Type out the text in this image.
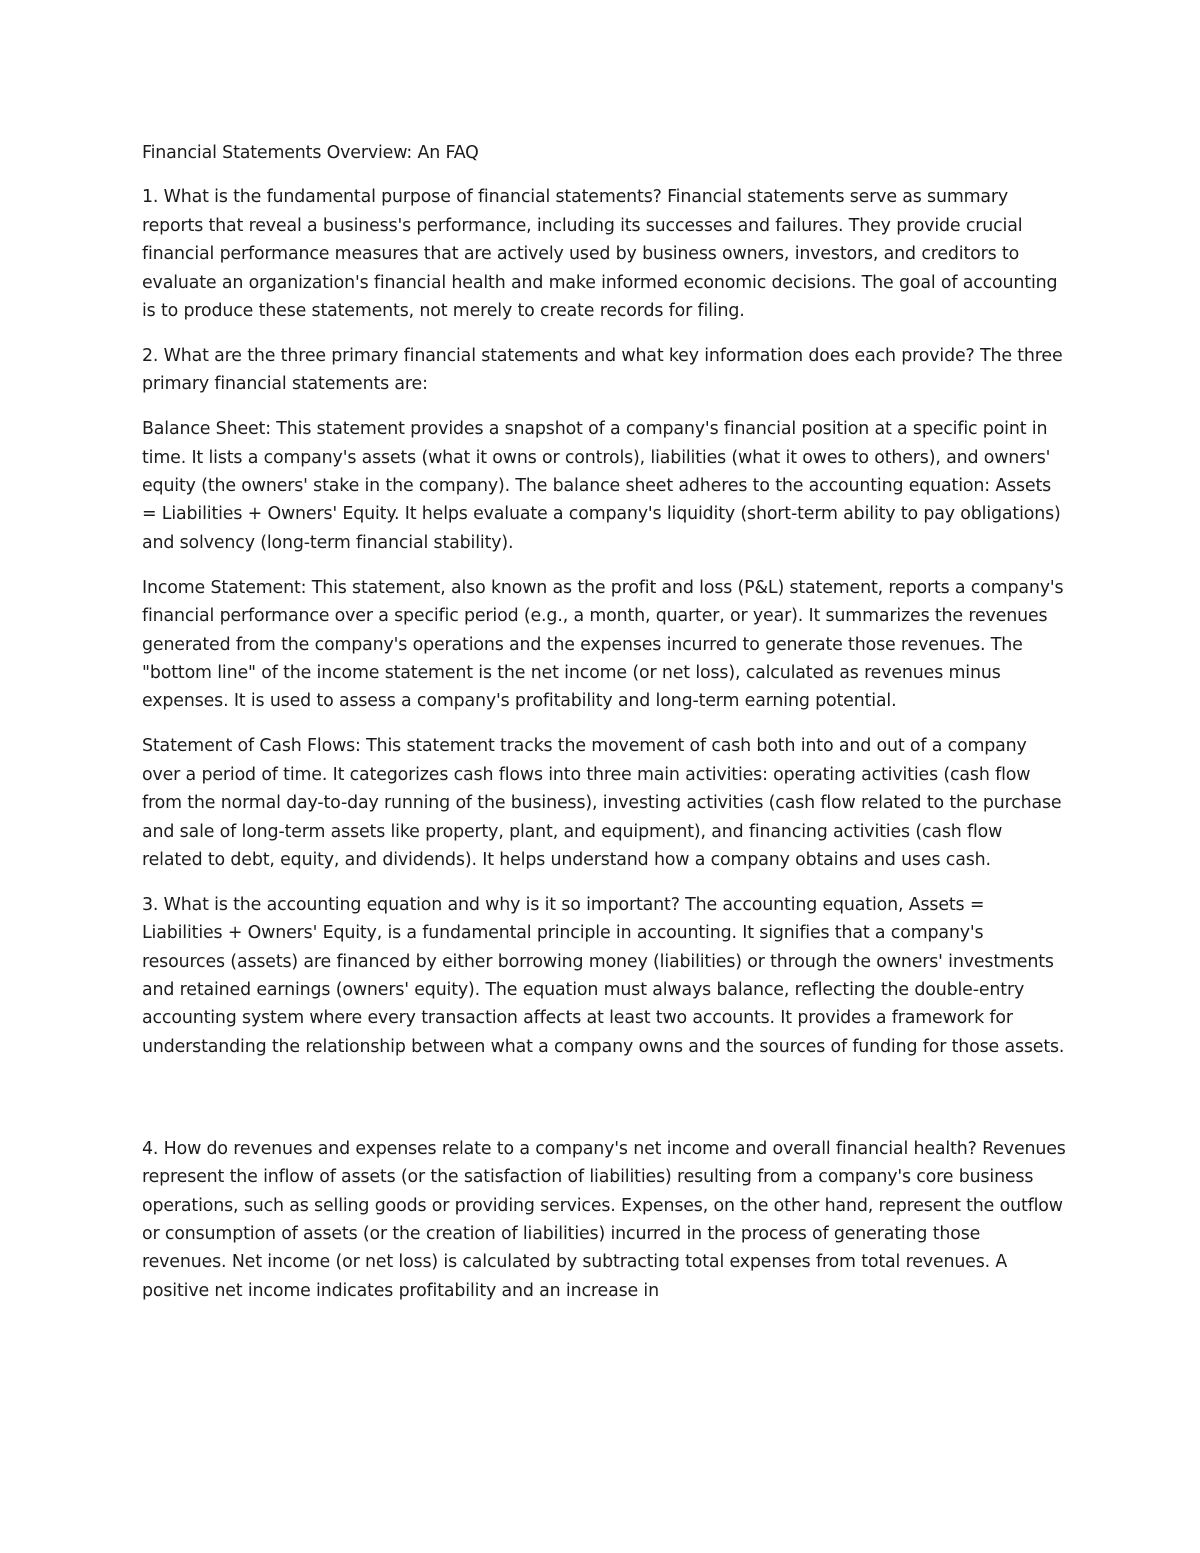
Financial Statements Overview: An FAQ

1. What is the fundamental purpose of financial statements? Financial statements serve as summary reports that reveal a business's performance, including its successes and failures. They provide crucial financial performance measures that are actively used by business owners, investors, and creditors to evaluate an organization's financial health and make informed economic decisions. The goal of accounting is to produce these statements, not merely to create records for filing.

2. What are the three primary financial statements and what key information does each provide? The three primary financial statements are:

Balance Sheet: This statement provides a snapshot of a company's financial position at a specific point in time. It lists a company's assets (what it owns or controls), liabilities (what it owes to others), and owners' equity (the owners' stake in the company). The balance sheet adheres to the accounting equation: Assets = Liabilities + Owners' Equity. It helps evaluate a company's liquidity (short-term ability to pay obligations) and solvency (long-term financial stability).

Income Statement: This statement, also known as the profit and loss (P&L) statement, reports a company's financial performance over a specific period (e.g., a month, quarter, or year). It summarizes the revenues generated from the company's operations and the expenses incurred to generate those revenues. The "bottom line" of the income statement is the net income (or net loss), calculated as revenues minus expenses. It is used to assess a company's profitability and long-term earning potential.

Statement of Cash Flows: This statement tracks the movement of cash both into and out of a company over a period of time. It categorizes cash flows into three main activities: operating activities (cash flow from the normal day-to-day running of the business), investing activities (cash flow related to the purchase and sale of long-term assets like property, plant, and equipment), and financing activities (cash flow related to debt, equity, and dividends). It helps understand how a company obtains and uses cash.

3. What is the accounting equation and why is it so important? The accounting equation, Assets = Liabilities + Owners' Equity, is a fundamental principle in accounting. It signifies that a company's resources (assets) are financed by either borrowing money (liabilities) or through the owners' investments and retained earnings (owners' equity). The equation must always balance, reflecting the double-entry accounting system where every transaction affects at least two accounts. It provides a framework for understanding the relationship between what a company owns and the sources of funding for those assets.

4. How do revenues and expenses relate to a company's net income and overall financial health? Revenues represent the inflow of assets (or the satisfaction of liabilities) resulting from a company's core business operations, such as selling goods or providing services. Expenses, on the other hand, represent the outflow or consumption of assets (or the creation of liabilities) incurred in the process of generating those revenues. Net income (or net loss) is calculated by subtracting total expenses from total revenues. A positive net income indicates profitability and an increase in
